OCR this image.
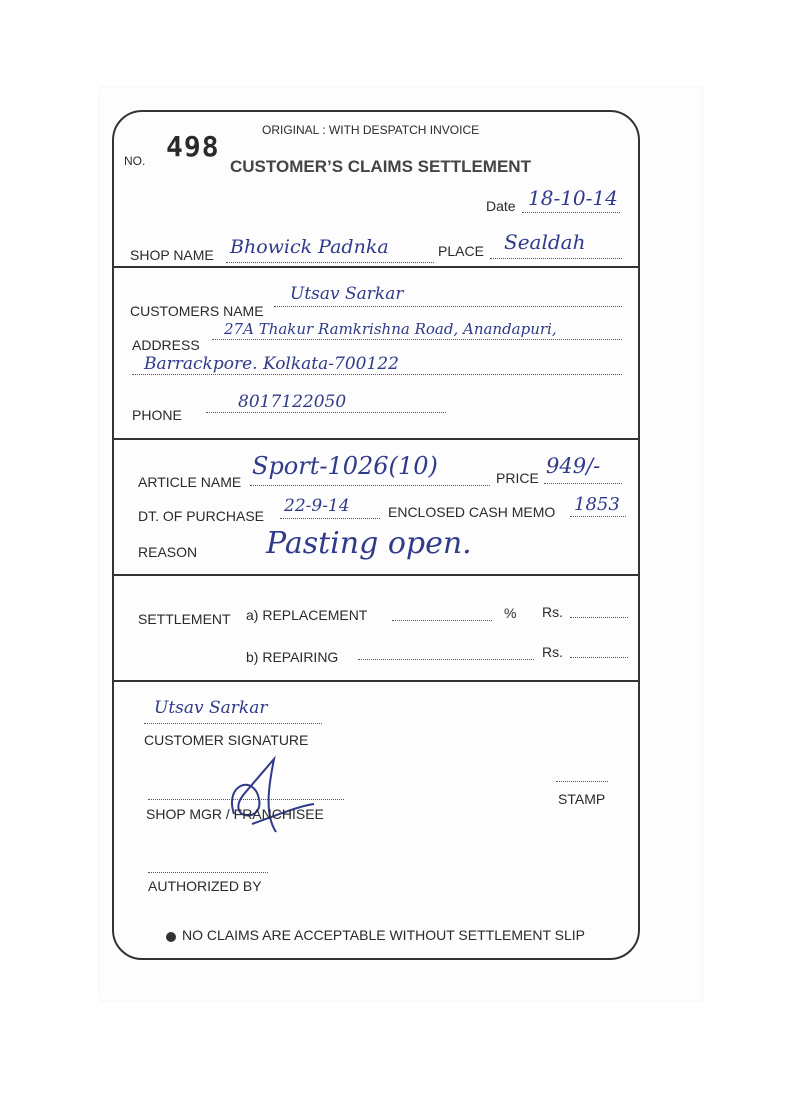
NO. 498	ORIGINAL : WITH DESPATCH INVOICE
CUSTOMER’S CLAIMS SETTLEMENT
Date 18-10-14
SHOP NAME Bhowick Padnka	PLACE Sealdah
CUSTOMERS NAME
Utsav Sarkar
ADDRESS
27A Thakur Ramkrishna Road, Anandapuri,
Barrackpore. Kolkata-700122
PHONE
8017122050
ARTICLE NAME
Sport-1026(10)	PRICE 949/-
DT. OF PURCHASE 22-9-14	ENCLOSED CASH MEMO 1853
REASON Pasting open.
SETTLEMENT a) REPLACEMENT	% Rs.
b) REPAIRING	Rs.
Utsav Sarkar
CUSTOMER SIGNATURE
SHOP MGR / FRANCHISEE
STAMP
AUTHORIZED BY
NO CLAIMS ARE ACCEPTABLE WITHOUT SETTLEMENT SLIP
